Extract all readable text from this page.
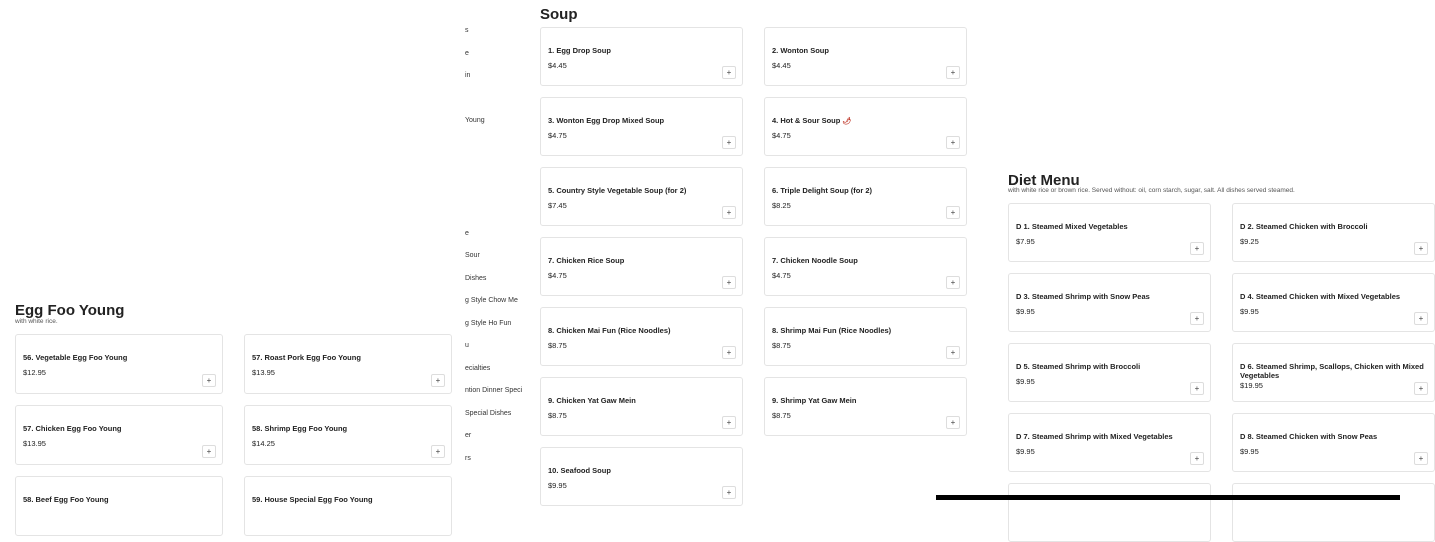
s
e
in
Young
e
Sour
Dishes
g Style Chow Me
g Style Ho Fun
u
ecialties
ntion Dinner Speci
Special Dishes
er
rs
Soup
1. Egg Drop Soup
$4.45
+
2. Wonton Soup
$4.45
+
3. Wonton Egg Drop Mixed Soup
$4.75
+
4. Hot & Sour Soup 🌶
$4.75
+
5. Country Style Vegetable Soup (for 2)
$7.45
+
6. Triple Delight Soup (for 2)
$8.25
+
7. Chicken Rice Soup
$4.75
+
7. Chicken Noodle Soup
$4.75
+
8. Chicken Mai Fun (Rice Noodles)
$8.75
+
8. Shrimp Mai Fun (Rice Noodles)
$8.75
+
9. Chicken Yat Gaw Mein
$8.75
+
9. Shrimp Yat Gaw Mein
$8.75
+
10. Seafood Soup
$9.95
+
Egg Foo Young
with white rice.
56. Vegetable Egg Foo Young
$12.95
+
57. Roast Pork Egg Foo Young
$13.95
+
57. Chicken Egg Foo Young
$13.95
+
58. Shrimp Egg Foo Young
$14.25
+
58. Beef Egg Foo Young	59. House Special Egg Foo Young
Diet Menu
with white rice or brown rice. Served without: oil, corn starch, sugar, salt. All dishes served steamed.
D 1. Steamed Mixed Vegetables
$7.95
+
D 2. Steamed Chicken with Broccoli
$9.25
+
D 3. Steamed Shrimp with Snow Peas
$9.95
+
D 4. Steamed Chicken with Mixed Vegetables
$9.95
+
D 5. Steamed Shrimp with Broccoli
$9.95
+
D 6. Steamed Shrimp, Scallops, Chicken with Mixed Vegetables
$19.95	+
D 7. Steamed Shrimp with Mixed Vegetables
$9.95
+
D 8. Steamed Chicken with Snow Peas
$9.95
+
